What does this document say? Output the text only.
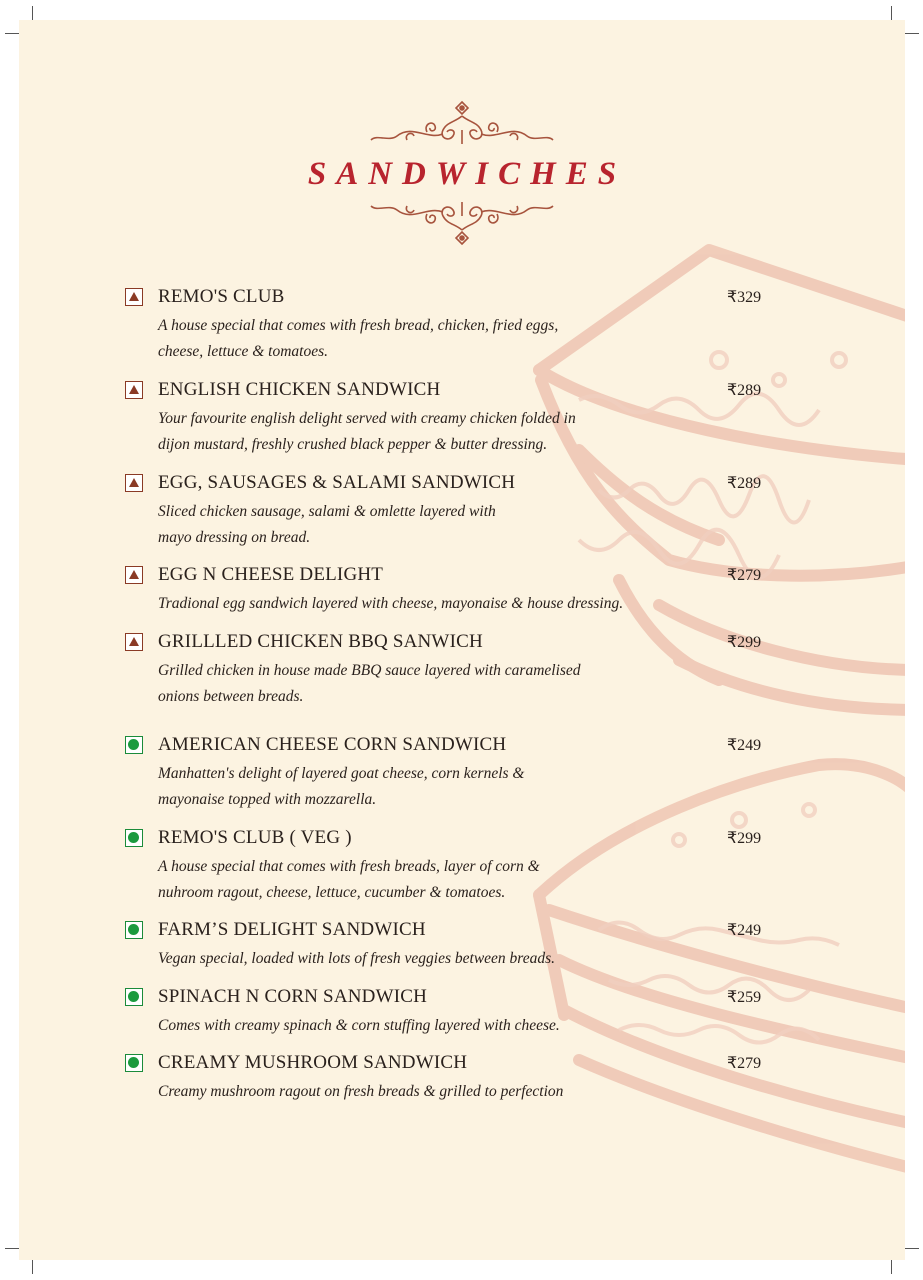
SANDWICHES
REMO'S CLUB	₹329
A house special that comes with fresh bread, chicken, fried eggs,
cheese, lettuce & tomatoes.
ENGLISH CHICKEN SANDWICH	₹289
Your favourite english delight served with creamy chicken folded in
dijon mustard, freshly crushed black pepper & butter dressing.
EGG, SAUSAGES & SALAMI SANDWICH	₹289
Sliced chicken sausage, salami & omlette layered with
mayo dressing on bread.
EGG N CHEESE DELIGHT	₹279
Tradional egg sandwich layered with cheese, mayonaise & house dressing.
GRILLLED CHICKEN BBQ SANWICH	₹299
Grilled chicken in house made BBQ sauce layered with caramelised
onions between breads.
AMERICAN CHEESE CORN SANDWICH	₹249
Manhatten's delight of layered goat cheese, corn kernels &
mayonaise topped with mozzarella.
REMO'S CLUB ( VEG )	₹299
A house special that comes with fresh breads, layer of corn &
nuhroom ragout, cheese, lettuce, cucumber & tomatoes.
FARM’S DELIGHT SANDWICH	₹249
Vegan special, loaded with lots of fresh veggies between breads.
SPINACH N CORN SANDWICH	₹259
Comes with creamy spinach & corn stuffing layered with cheese.
CREAMY MUSHROOM SANDWICH	₹279
Creamy mushroom ragout on fresh breads & grilled to perfection
